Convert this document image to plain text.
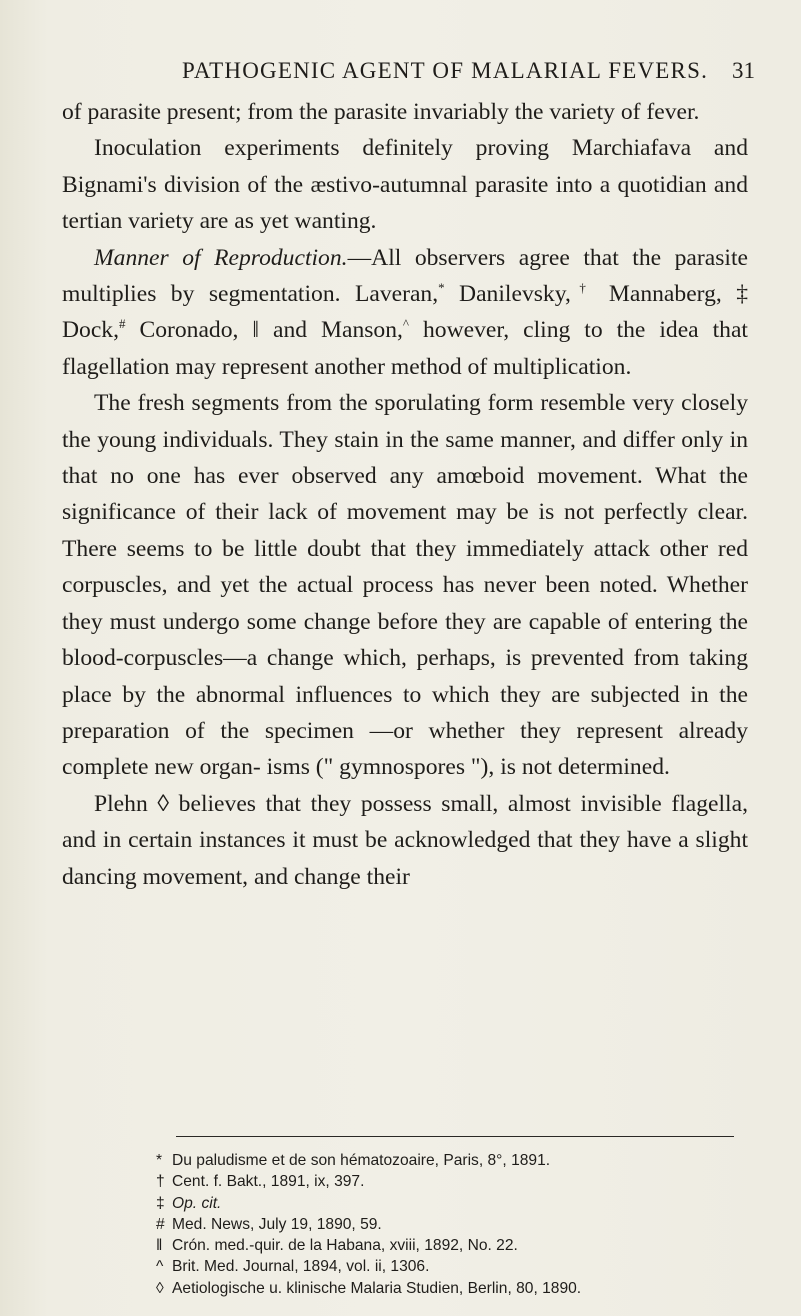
PATHOGENIC AGENT OF MALARIAL FEVERS. 31

of parasite present; from the parasite invariably the variety of fever.

Inoculation experiments definitely proving Marchiafava and Bignami's division of the æstivo-autumnal parasite into a quotidian and tertian variety are as yet wanting.

Manner of Reproduction.—All observers agree that the parasite multiplies by segmentation. Laveran,* Danilevsky,† Mannaberg, ‡ Dock,# Coronado, ‖ and Manson,^ however, cling to the idea that flagellation may represent another method of multiplication.

The fresh segments from the sporulating form resemble very closely the young individuals. They stain in the same manner, and differ only in that no one has ever observed any amœboid movement. What the significance of their lack of movement may be is not perfectly clear. There seems to be little doubt that they immediately attack other red corpuscles, and yet the actual process has never been noted. Whether they must undergo some change before they are capable of entering the blood-corpuscles—a change which, perhaps, is prevented from taking place by the abnormal influences to which they are subjected in the preparation of the specimen —or whether they represent already complete new organ- isms (" gymnospores "), is not determined.

Plehn ◊ believes that they possess small, almost invisible flagella, and in certain instances it must be acknowledged that they have a slight dancing movement, and change their

* Du paludisme et de son hématozoaire, Paris, 8°, 1891.
† Cent. f. Bakt., 1891, ix, 397.
‡ Op. cit.
# Med. News, July 19, 1890, 59.
‖ Crón. med.-quir. de la Habana, xviii, 1892, No. 22.
^ Brit. Med. Journal, 1894, vol. ii, 1306.
◊ Aetiologische u. klinische Malaria Studien, Berlin, 80, 1890.
